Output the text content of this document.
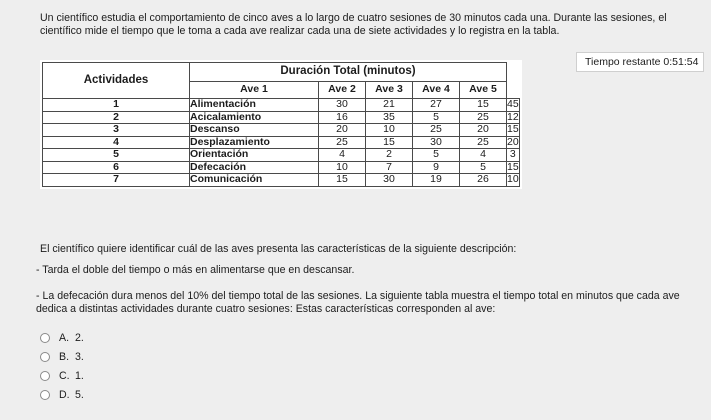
Un científico estudia el comportamiento de cinco aves a lo largo de cuatro sesiones de 30 minutos cada una. Durante las sesiones, el científico mide el tiempo que le toma a cada ave realizar cada una de siete actividades y lo registra en la tabla.

Tiempo restante 0:51:54
Actividades	Duración Total (minutos)					
	Ave 1	Ave 2	Ave 3	Ave 4	Ave 5	
1	Alimentación	30	21	27	15	45
2	Acicalamiento	16	35	5	25	12
3	Descanso	20	10	25	20	15
4	Desplazamiento	25	15	30	25	20
5	Orientación	4	2	5	4	3
6	Defecación	10	7	9	5	15
7	Comunicación	15	30	19	26	10

El científico quiere identificar cuál de las aves presenta las características de la siguiente descripción:

- Tarda el doble del tiempo o más en alimentarse que en descansar.

- La defecación dura menos del 10% del tiempo total de las sesiones. La siguiente tabla muestra el tiempo total en minutos que cada ave dedica a distintas actividades durante cuatro sesiones: Estas características corresponden al ave:

A. 2.
B. 3.
C. 1.
D. 5.
